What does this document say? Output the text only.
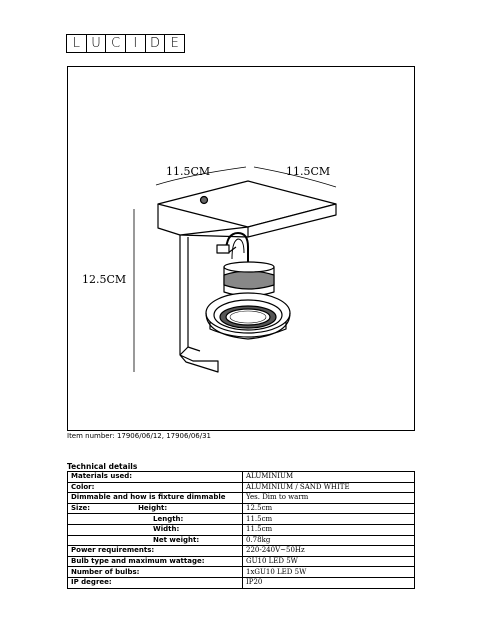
L U C	I D E
11.5CM	11.5CM
12.5CM
Item number: 17906/06/12, 17906/06/31
Technical details
Materials used:	ALUMINIUM
Color:	ALUMINIUM / SAND WHITE
Dimmable and how is fixture dimmable	Yes. Dim to warm
Size: Height:	12.5cm
Length:	11.5cm
Width:	11.5cm
Net weight:	0.78kg
Power requirements:	220-240V~50Hz
Bulb type and maximum wattage:	GU10 LED 5W
Number of bulbs:	1xGU10 LED 5W
IP degree:	IP20
